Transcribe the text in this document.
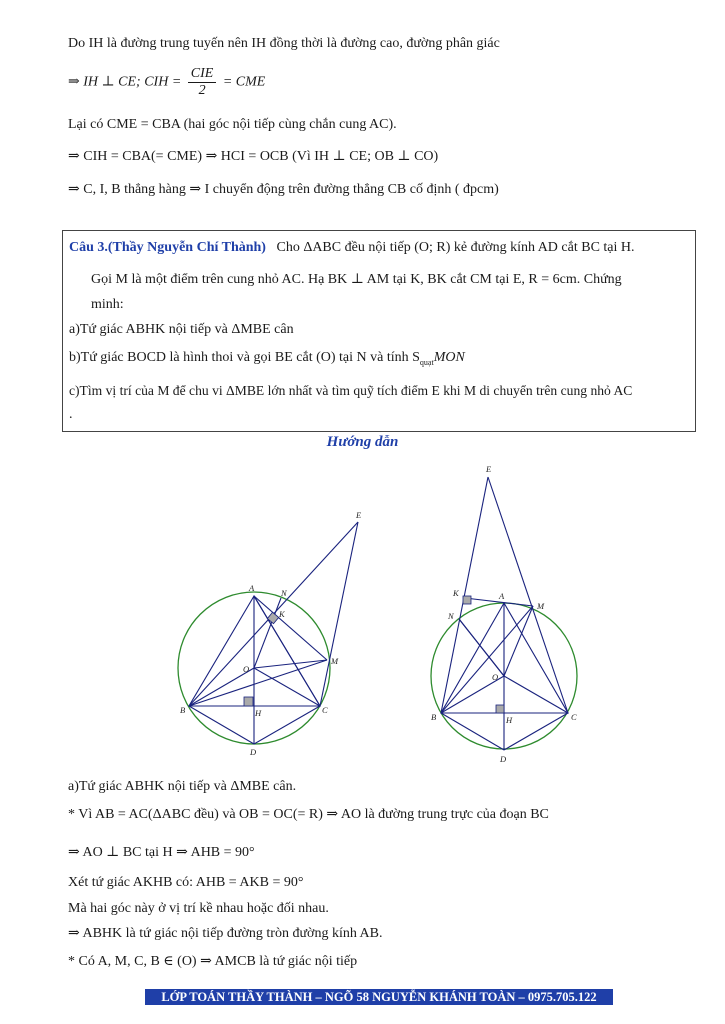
Do IH là đường trung tuyến nên IH đồng thời là đường cao, đường phân giác
⇒ IH ⊥ CE; CIH = $\frac{\text{CIE}}{2}$ = CME
Lại có CME = CBA (hai góc nội tiếp cùng chắn cung AC).
⇒ CIH = CBA(= CME) ⇒ HCI = OCB (Vì IH ⊥ CE; OB ⊥ CO)
⇒ C, I, B thẳng hàng ⇒ I chuyển động trên đường thẳng CB cố định ( đpcm)
Câu 3.(Thầy Nguyễn Chí Thành) Cho ΔABC đều nội tiếp (O; R) kẻ đường kính AD cắt BC tại H.
Gọi M là một điểm trên cung nhỏ AC. Hạ BK ⊥ AM tại K, BK cắt CM tại E, R = 6cm. Chứng
minh:
a)Tứ giác ABHK nội tiếp và ΔMBE cân
b)Tứ giác BOCD là hình thoi và gọi BE cắt (O) tại N và tính $S_{quạt}MON$
c)Tìm vị trí của M để chu vi ΔMBE lớn nhất và tìm quỹ tích điểm E khi M di chuyển trên cung nhỏ AC
.
Hướng dẫn
A
B	C
D
E
H
K
M
N
O
A
B	C
D
E
H
K
M
N
O
a)Tứ giác ABHK nội tiếp và ΔMBE cân.
* Vì AB = AC(ΔABC đều) và OB = OC(= R) ⇒ AO là đường trung trực của đoạn BC
⇒ AO ⊥ BC tại H ⇒ AHB = 90°
Xét tứ giác AKHB có: AHB = AKB = 90°
Mà hai góc này ở vị trí kề nhau hoặc đối nhau.
⇒ ABHK là tứ giác nội tiếp đường tròn đường kính AB.
* Có A, M, C, B ∈ (O) ⇒ AMCB là tứ giác nội tiếp
LỚP TOÁN THẦY THÀNH – NGÕ 58 NGUYỄN KHÁNH TOÀN – 0975.705.122
